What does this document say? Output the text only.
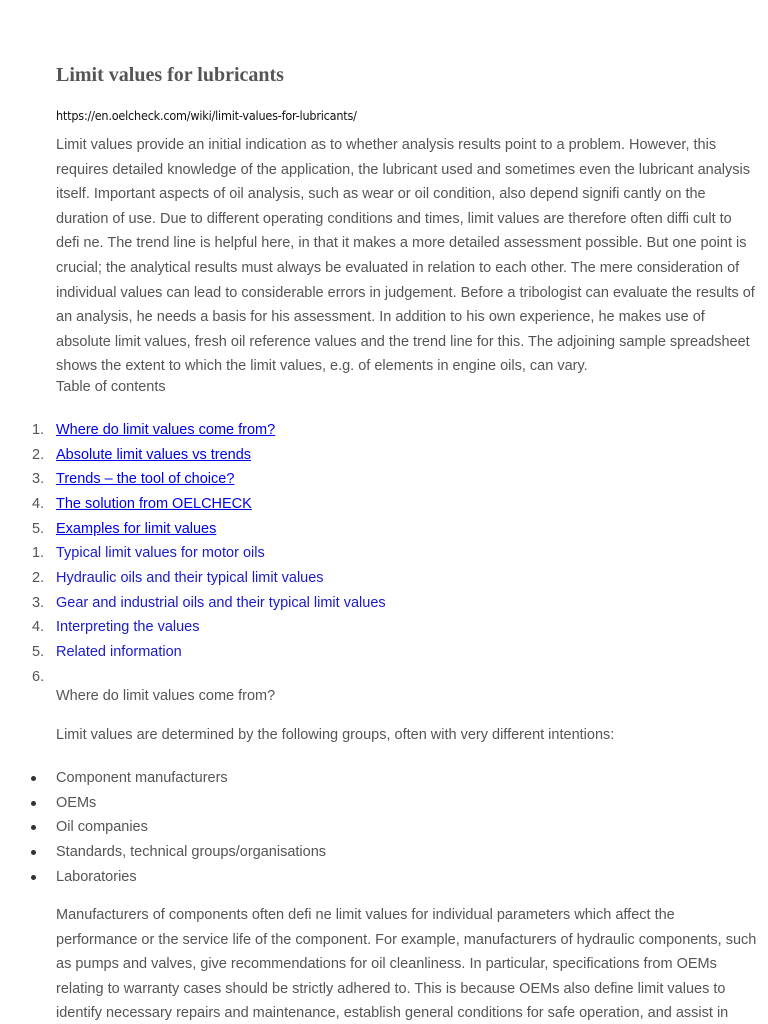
Limit values for lubricants
https://en.oelcheck.com/wiki/limit-values-for-lubricants/

Limit values provide an initial indication as to whether analysis results point to a problem. However, this requires detailed knowledge of the application, the lubricant used and sometimes even the lubricant analysis itself. Important aspects of oil analysis, such as wear or oil condition, also depend signifi cantly on the duration of use. Due to different operating conditions and times, limit values are therefore often diffi cult to defi ne. The trend line is helpful here, in that it makes a more detailed assessment possible. But one point is crucial; the analytical results must always be evaluated in relation to each other. The mere consideration of individual values can lead to considerable errors in judgement. Before a tribologist can evaluate the results of an analysis, he needs a basis for his assessment. In addition to his own experience, he makes use of absolute limit values, fresh oil reference values and the trend line for this. The adjoining sample spreadsheet shows the extent to which the limit values, e.g. of elements in engine oils, can vary.

Table of contents
1. Where do limit values come from?
2. Absolute limit values vs trends
3. Trends – the tool of choice?
4. The solution from OELCHECK
5. Examples for limit values
1. Typical limit values for motor oils
2. Hydraulic oils and their typical limit values
3. Gear and industrial oils and their typical limit values
4. Interpreting the values
5. Related information
6.
Where do limit values come from?
Limit values are determined by the following groups, often with very different intentions:
Component manufacturers
OEMs
Oil companies
Standards, technical groups/organisations
Laboratories

Manufacturers of components often defi ne limit values for individual parameters which affect the performance or the service life of the component. For example, manufacturers of hydraulic components, such as pumps and valves, give recommendations for oil cleanliness. In particular, specifications from OEMs relating to warranty cases should be strictly adhered to. This is because OEMs also define limit values to identify necessary repairs and maintenance, establish general conditions for safe operation, and assist in
